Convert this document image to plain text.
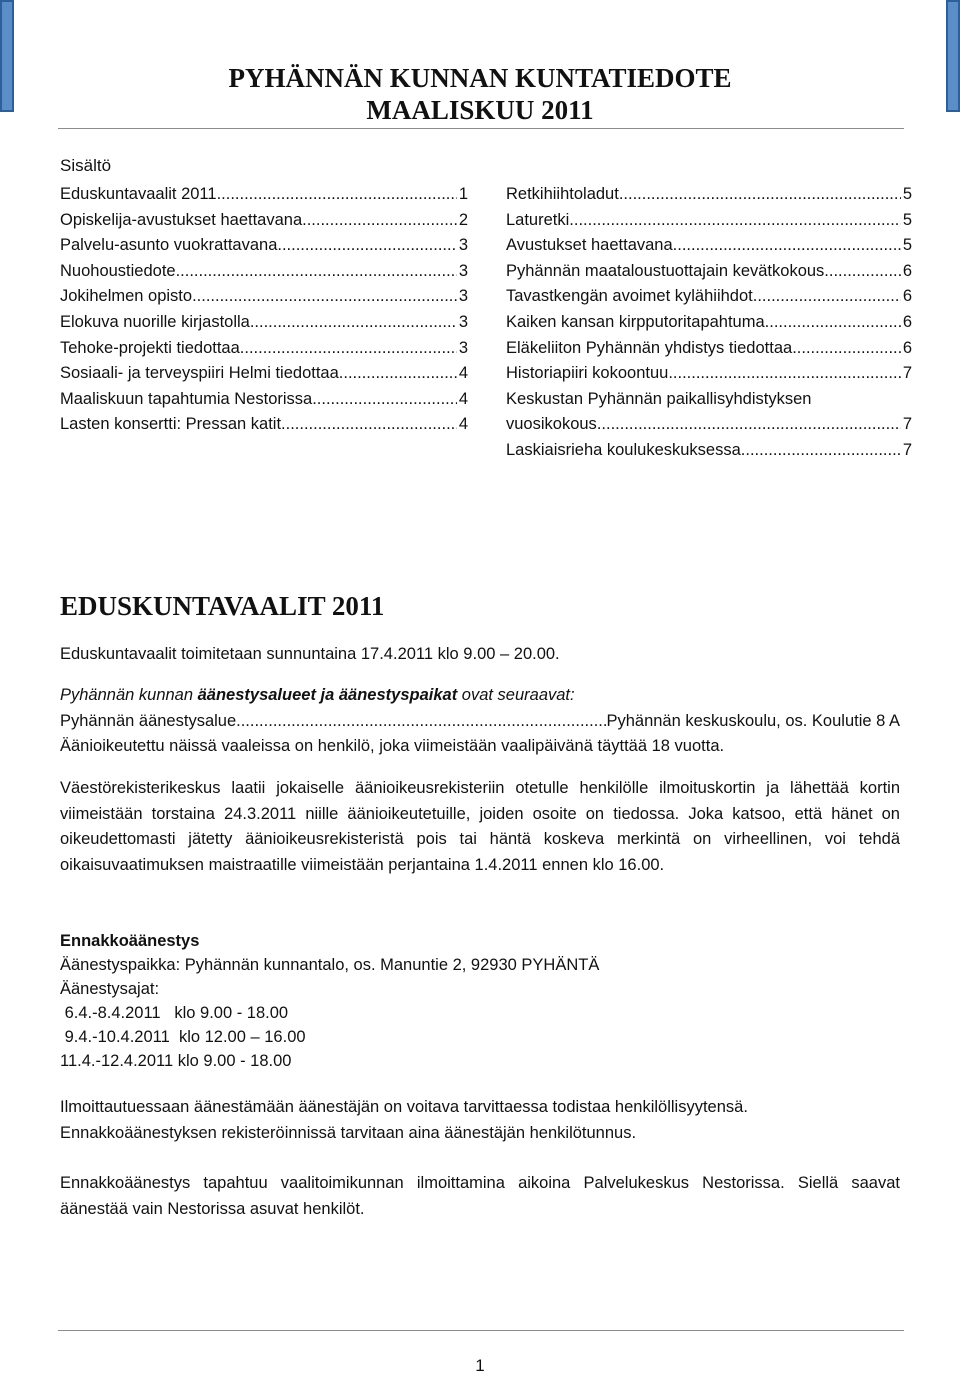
PYHÄNNÄN KUNNAN KUNTATIEDOTE
MAALISKUU 2011
Sisältö
Eduskuntavaalit 2011 .....	1
Opiskelija-avustukset haettavana .....	2
Palvelu-asunto vuokrattavana .....	3
Nuohoustiedote .....	3
Jokihelmen opisto .....	3
Elokuva nuorille kirjastolla .....	3
Tehoke-projekti tiedottaa .....	3
Sosiaali- ja terveyspiiri Helmi tiedottaa .....	4
Maaliskuun tapahtumia Nestorissa .....	4
Lasten konsertti: Pressan katit .....	4
Retkihiihtoladut .....	5
Laturetki .....	5
Avustukset haettavana .....	5
Pyhännän maataloustuottajain kevätkokous .....	6
Tavastkengän avoimet kylähiihdot .....	6
Kaiken kansan kirpputoritapahtuma .....	6
Eläkeliiton Pyhännän yhdistys tiedottaa .....	6
Historiapiiri kokoontuu .....	7
Keskustan Pyhännän paikallisyhdistyksen
vuosikokous .....	7
Laskiaisrieha koulukeskuksessa .....	7
EDUSKUNTAVAALIT 2011
Eduskuntavaalit toimitetaan sunnuntaina 17.4.2011 klo 9.00 – 20.00.
Pyhännän kunnan äänestysalueet ja äänestyspaikat ovat seuraavat:
Pyhännän äänestysalue .....	Pyhännän keskuskoulu, os. Koulutie 8 A
Äänioikeutettu näissä vaaleissa on henkilö, joka viimeistään vaalipäivänä täyttää 18 vuotta.
Väestörekisterikeskus laatii jokaiselle äänioikeusrekisteriin otetulle henkilölle ilmoituskortin ja lähettää kortin viimeistään torstaina 24.3.2011 niille äänioikeutetuille, joiden osoite on tiedossa. Joka katsoo, että hänet on oikeudettomasti jätetty äänioikeusrekisteristä pois tai häntä koskeva merkintä on virheellinen, voi tehdä oikaisuvaatimuksen maistraatille viimeistään perjantaina 1.4.2011 ennen klo 16.00.
Ennakkoäänestys
Äänestyspaikka: Pyhännän kunnantalo, os. Manuntie 2, 92930 PYHÄNTÄ
Äänestysajat:
6.4.-8.4.2011   klo 9.00 - 18.00
9.4.-10.4.2011  klo 12.00 – 16.00
11.4.-12.4.2011 klo 9.00 - 18.00
Ilmoittautuessaan äänestämään äänestäjän on voitava tarvittaessa todistaa henkilöllisyytensä.
Ennakkoäänestyksen rekisteröinnissä tarvitaan aina äänestäjän henkilötunnus.
Ennakkoäänestys tapahtuu vaalitoimikunnan ilmoittamina aikoina Palvelukeskus Nestorissa. Siellä saavat äänestää vain Nestorissa asuvat henkilöt.
1
